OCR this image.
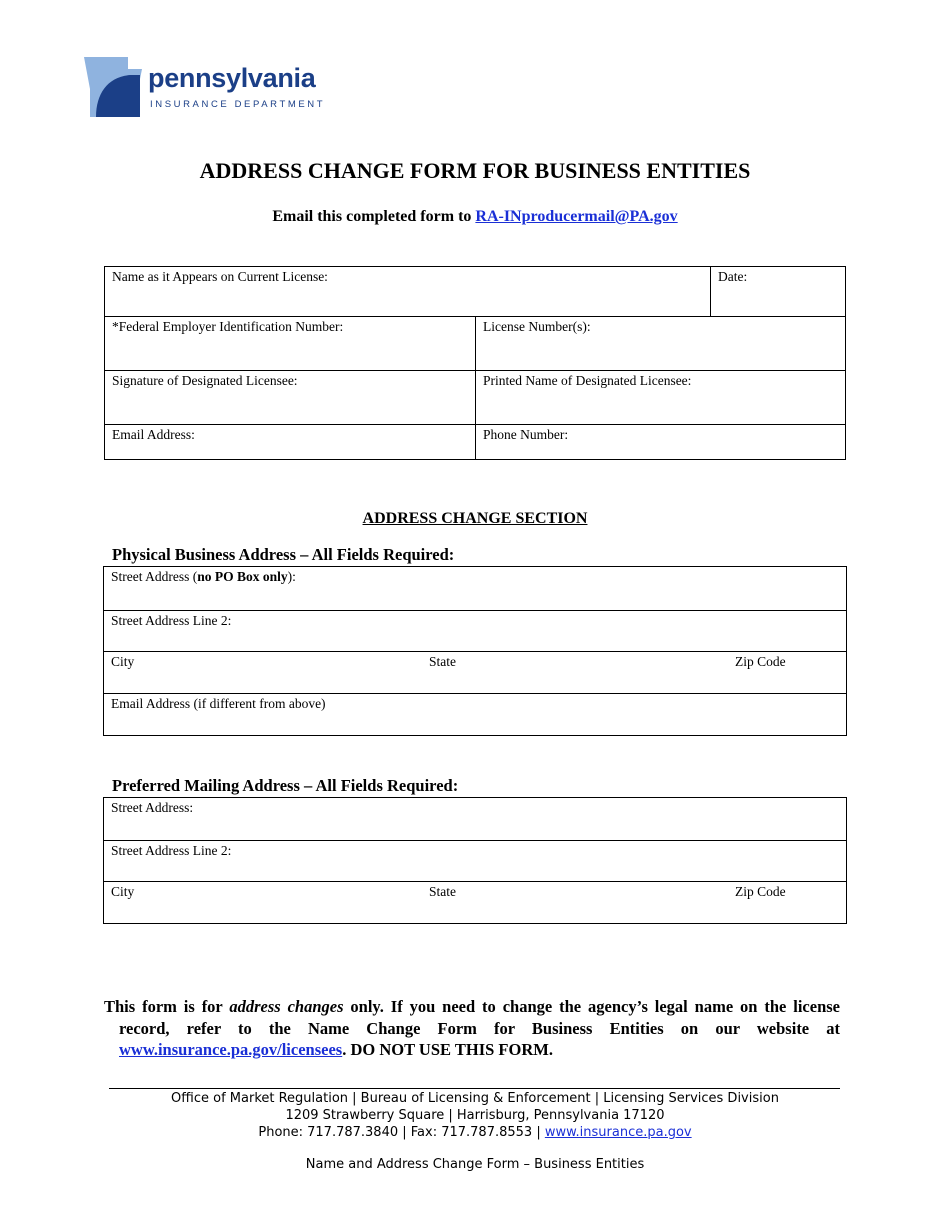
pennsylvania
INSURANCE DEPARTMENT
ADDRESS CHANGE FORM FOR BUSINESS ENTITIES
Email this completed form to RA-INproducermail@PA.gov
Name as it Appears on Current License:		Date:
*Federal Employer Identification Number:	License Number(s):	
Signature of Designated Licensee:	Printed Name of Designated Licensee:	
Email Address:	Phone Number:	
ADDRESS CHANGE SECTION
Physical Business Address – All Fields Required:
Street Address (no PO Box only):
Street Address Line 2:

City	State	Zip Code

Email Address (if different from above)
Preferred Mailing Address – All Fields Required:
Street Address:
Street Address Line 2:

City	State	Zip Code
This form is for address changes only. If you need to change the agency’s legal name on the license record, refer to the Name Change Form for Business Entities on our website at www.insurance.pa.gov/licensees. DO NOT USE THIS FORM.
Office of Market Regulation | Bureau of Licensing & Enforcement | Licensing Services Division
1209 Strawberry Square | Harrisburg, Pennsylvania 17120
Phone: 717.787.3840 | Fax: 717.787.8553 | www.insurance.pa.gov
Name and Address Change Form – Business Entities
